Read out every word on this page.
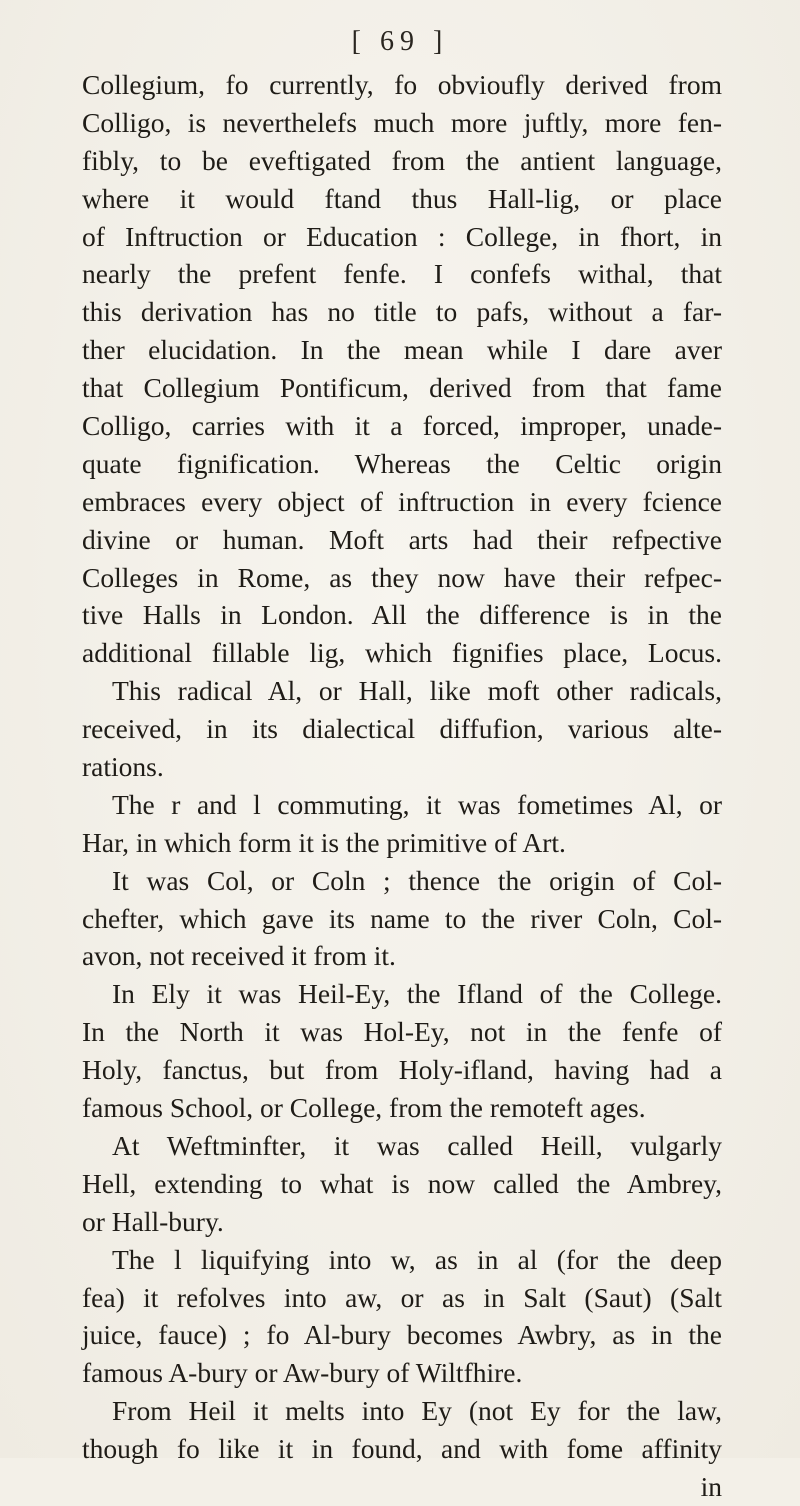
[ 69 ]
Collegium, fo currently, fo obvioufly derived from
Colligo, is neverthelefs much more juftly, more fen-
fibly, to be eveftigated from the antient language,
where it would ftand thus Hall-lig, or place
of Inftruction or Education : College, in fhort, in
nearly the prefent fenfe. I confefs withal, that
this derivation has no title to pafs, without a far-
ther elucidation. In the mean while I dare aver
that Collegium Pontificum, derived from that fame
Colligo, carries with it a forced, improper, unade-
quate fignification. Whereas the Celtic origin
embraces every object of inftruction in every fcience
divine or human. Moft arts had their refpective
Colleges in Rome, as they now have their refpec-
tive Halls in London. All the difference is in the
additional fillable lig, which fignifies place, Locus.
This radical Al, or Hall, like moft other radicals,
received, in its dialectical diffufion, various alte-
rations.
The r and l commuting, it was fometimes Al, or
Har, in which form it is the primitive of Art.
It was Col, or Coln ; thence the origin of Col-
chefter, which gave its name to the river Coln, Col-
avon, not received it from it.
In Ely it was Heil-Ey, the Ifland of the College.
In the North it was Hol-Ey, not in the fenfe of
Holy, fanctus, but from Holy-ifland, having had a
famous School, or College, from the remoteft ages.
At Weftminfter, it was called Heill, vulgarly
Hell, extending to what is now called the Ambrey,
or Hall-bury.
The l liquifying into w, as in al (for the deep
fea) it refolves into aw, or as in Salt (Saut) (Salt
juice, fauce) ; fo Al-bury becomes Awbry, as in the
famous A-bury or Aw-bury of Wiltfhire.
From Heil it melts into Ey (not Ey for the law,
though fo like it in found, and with fome affinity
in
